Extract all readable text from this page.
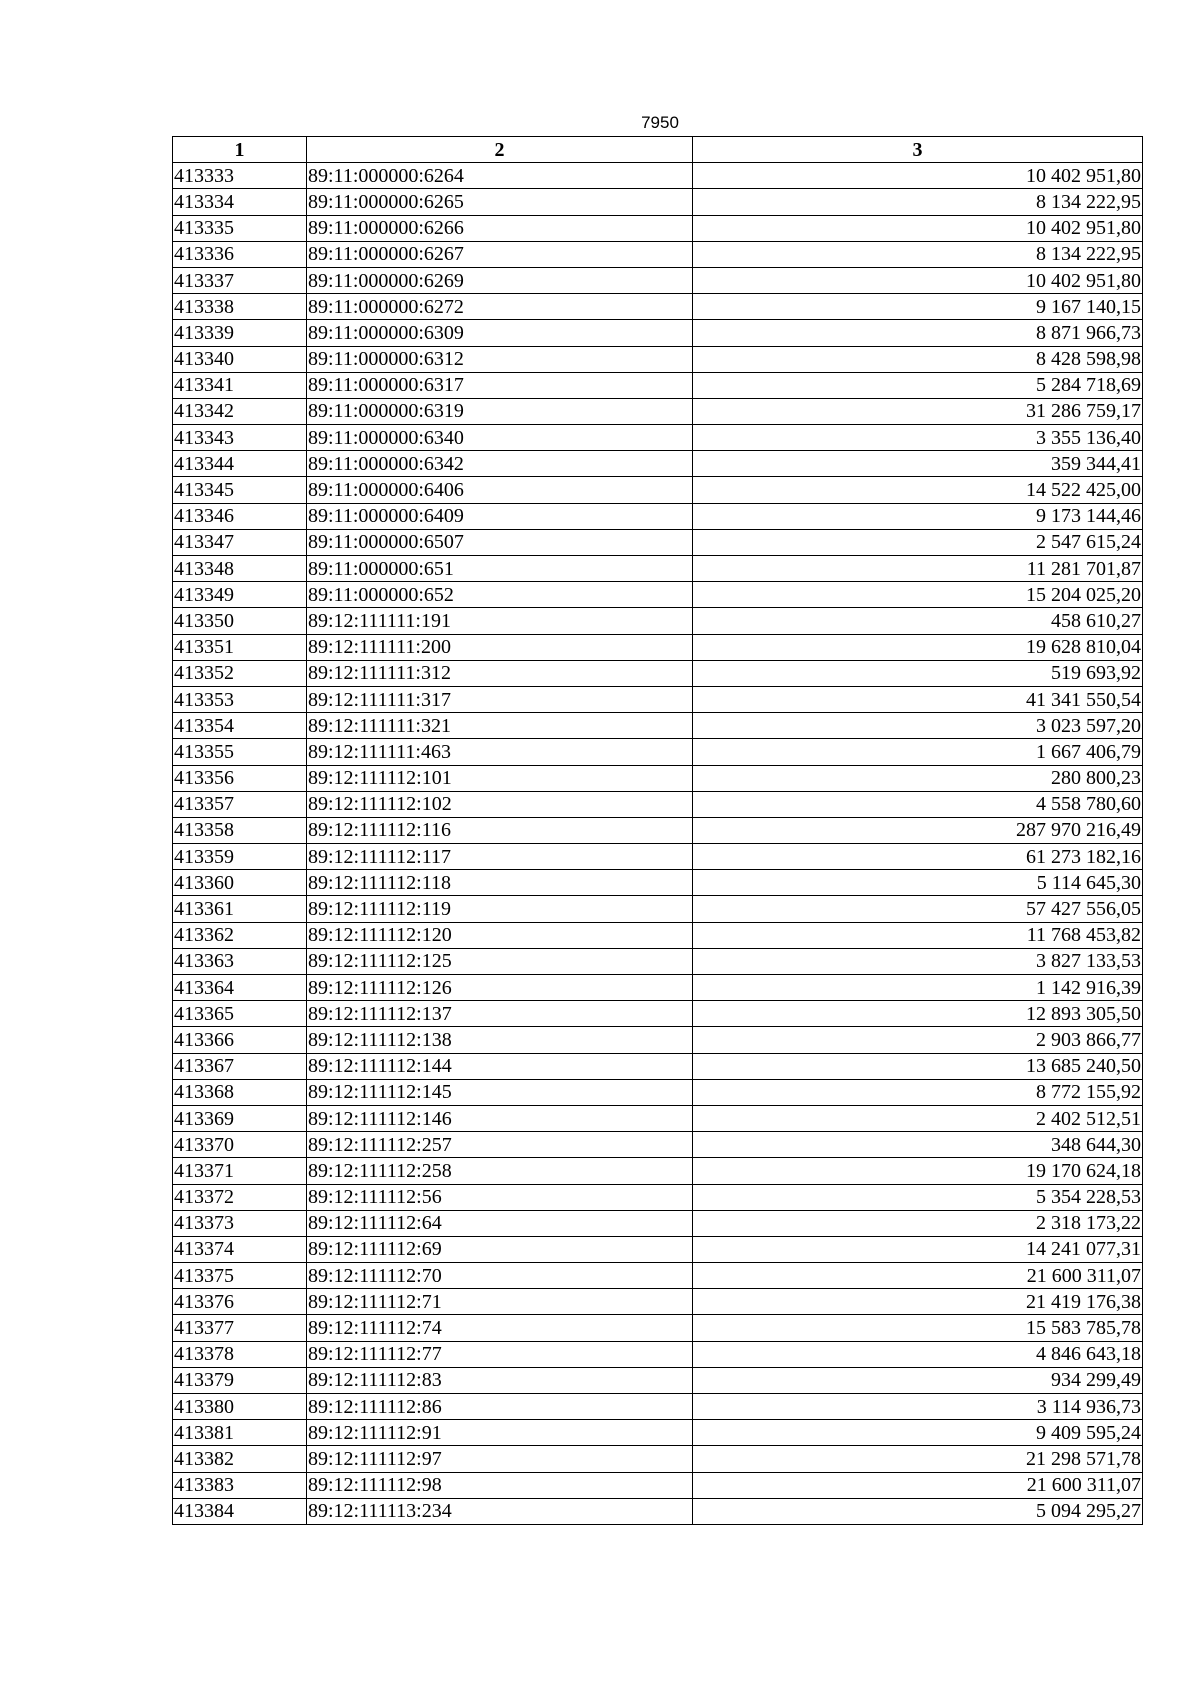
7950
1	2	3
413333	89:11:000000:6264	10 402 951,80
413334	89:11:000000:6265	8 134 222,95
413335	89:11:000000:6266	10 402 951,80
413336	89:11:000000:6267	8 134 222,95
413337	89:11:000000:6269	10 402 951,80
413338	89:11:000000:6272	9 167 140,15
413339	89:11:000000:6309	8 871 966,73
413340	89:11:000000:6312	8 428 598,98
413341	89:11:000000:6317	5 284 718,69
413342	89:11:000000:6319	31 286 759,17
413343	89:11:000000:6340	3 355 136,40
413344	89:11:000000:6342	359 344,41
413345	89:11:000000:6406	14 522 425,00
413346	89:11:000000:6409	9 173 144,46
413347	89:11:000000:6507	2 547 615,24
413348	89:11:000000:651	11 281 701,87
413349	89:11:000000:652	15 204 025,20
413350	89:12:111111:191	458 610,27
413351	89:12:111111:200	19 628 810,04
413352	89:12:111111:312	519 693,92
413353	89:12:111111:317	41 341 550,54
413354	89:12:111111:321	3 023 597,20
413355	89:12:111111:463	1 667 406,79
413356	89:12:111112:101	280 800,23
413357	89:12:111112:102	4 558 780,60
413358	89:12:111112:116	287 970 216,49
413359	89:12:111112:117	61 273 182,16
413360	89:12:111112:118	5 114 645,30
413361	89:12:111112:119	57 427 556,05
413362	89:12:111112:120	11 768 453,82
413363	89:12:111112:125	3 827 133,53
413364	89:12:111112:126	1 142 916,39
413365	89:12:111112:137	12 893 305,50
413366	89:12:111112:138	2 903 866,77
413367	89:12:111112:144	13 685 240,50
413368	89:12:111112:145	8 772 155,92
413369	89:12:111112:146	2 402 512,51
413370	89:12:111112:257	348 644,30
413371	89:12:111112:258	19 170 624,18
413372	89:12:111112:56	5 354 228,53
413373	89:12:111112:64	2 318 173,22
413374	89:12:111112:69	14 241 077,31
413375	89:12:111112:70	21 600 311,07
413376	89:12:111112:71	21 419 176,38
413377	89:12:111112:74	15 583 785,78
413378	89:12:111112:77	4 846 643,18
413379	89:12:111112:83	934 299,49
413380	89:12:111112:86	3 114 936,73
413381	89:12:111112:91	9 409 595,24
413382	89:12:111112:97	21 298 571,78
413383	89:12:111112:98	21 600 311,07
413384	89:12:111113:234	5 094 295,27
